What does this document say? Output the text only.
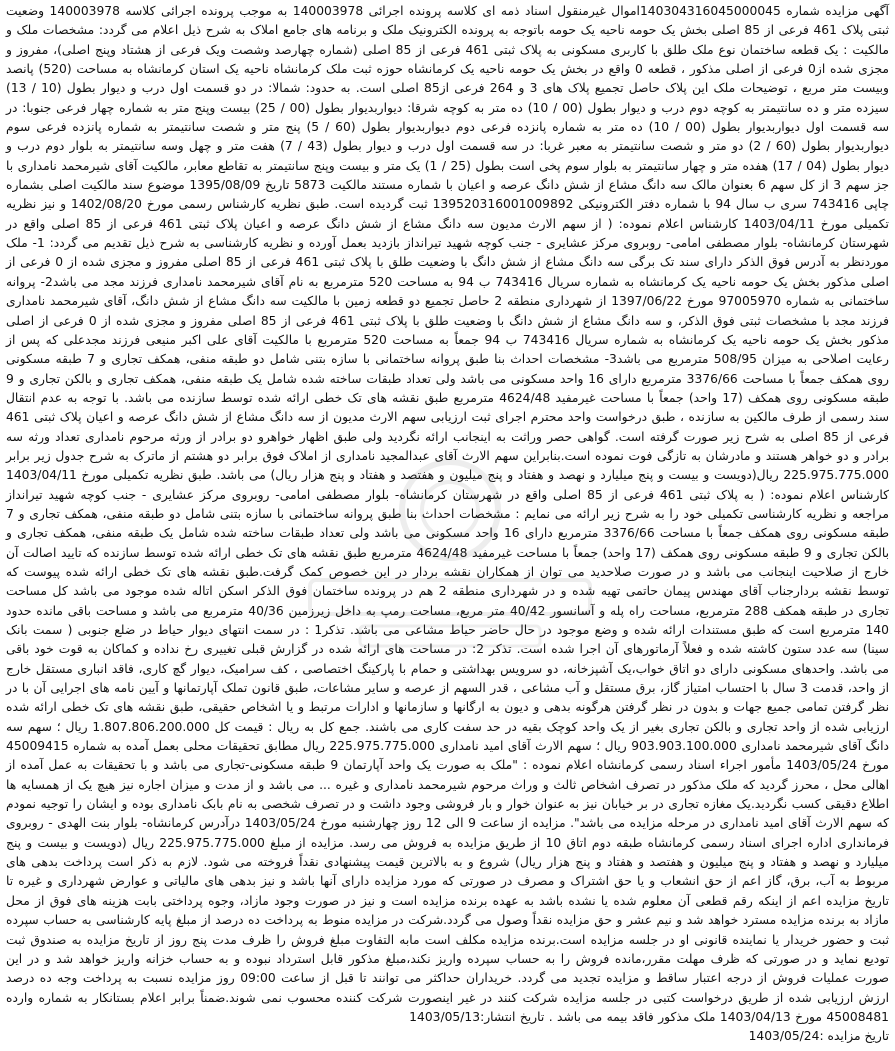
آگهی مزایده شماره 140304316045000045اموال غیرمنقول اسناد ذمه ای کلاسه پرونده اجرائی 140003978 به موجب پرونده اجرائی کلاسه 140003978 وضعیت ثبتی پلاک 461 فرعی از 85 اصلی بخش یک حومه ناحیه یک حومه باتوجه به پرونده الکترونیک ملک و برنامه های جامع املاک به شرح ذیل اعلام می گردد: مشخصات ملک و مالکیت : یک قطعه ساختمان نوع ملک طلق با کاربری مسکونی به پلاک ثبتی 461 فرعی از 85 اصلی (شماره چهارصد وشصت ویک فرعی از هشتاد وپنج اصلی)، مفروز و مجزی شده از0 فرعی از اصلی مذکور ، قطعه 0 واقع در بخش یک حومه ناحیه یک کرمانشاه حوزه ثبت ملک کرمانشاه ناحیه یک استان کرمانشاه به مساحت (520) پانصد وبیست متر مربع ، توضیحات ملک این پلاک حاصل تجمیع پلاک های 3 و 264 فرعی از85 اصلی است. به حدود: شمالا: در دو قسمت اول درب و دیوار بطول (10 / 13) سیزده متر و ده سانتیمتر به کوچه دوم درب و دیوار بطول (00 / 10) ده متر به کوچه شرقا: دیواربدیوار بطول (00 / 25) بیست وپنج متر به شماره چهار فرعی جنوبا: در سه قسمت اول دیواربدیوار بطول (00 / 10) ده متر به شماره پانزده فرعی دوم دیواربدیوار بطول (60 / 5) پنج متر و شصت سانتیمتر به شماره پانزده فرعی سوم دیواربدیوار بطول (60 / 2) دو متر و شصت سانتیمتر به معبر غربا: در سه قسمت اول درب و دیوار بطول (43 / 7) هفت متر و چهل وسه سانتیمتر به بلوار دوم درب و دیوار بطول (04 / 17) هفده متر و چهار سانتیمتر به بلوار سوم پخی است بطول (25 / 1) یک متر و بیست وپنج سانتیمتر به تقاطع معابر، مالکیت آقای شیرمحمد نامداری با جز سهم 3 از کل سهم 6 بعنوان مالک سه دانگ مشاع از شش دانگ عرصه و اعیان با شماره مستند مالکیت 5873 تاریخ 1395/08/09 موضوع سند مالکیت اصلی بشماره چاپی 743416 سری ب سال 94 با شماره دفتر الکترونیکی 139520316001009892 ثبت گردیده است. طبق نظریه کارشناس رسمی مورخ 1402/08/20 و نیز نظریه تکمیلی مورخ 1403/04/11 کارشناس اعلام نموده: ( از سهم الارث مدیون سه دانگ مشاع از شش دانگ عرصه و اعیان پلاک ثبتی 461 فرعی از 85 اصلی واقع در شهرستان کرمانشاه- بلوار مصطفی امامی- روبروی مرکز عشایری - جنب کوچه شهید تیرانداز بازدید بعمل آورده و نظریه کارشناسی به شرح ذیل تقدیم می گردد: 1- ملک موردنظر به آدرس فوق الذکر دارای سند تک برگی سه دانگ مشاع از شش دانگ با وضعیت طلق با پلاک ثبتی 461 فرعی از 85 اصلی مفروز و مجزی شده از 0 فرعی از اصلی مذکور بخش یک حومه ناحیه یک کرمانشاه به شماره سریال 743416 ب 94 به مساحت 520 مترمربع به نام آقای شیرمحمد نامداری فرزند مجد می باشد2- پروانه ساختمانی به شماره 97005970 مورخ 1397/06/22 از شهرداری منطقه 2 حاصل تجمیع دو قطعه زمین با مالکیت سه دانگ مشاع از شش دانگ، آقای شیرمحمد نامداری فرزند مجد با مشخصات ثبتی فوق الذکر، و سه دانگ مشاع از شش دانگ با وضعیت طلق با پلاک ثبتی 461 فرعی از 85 اصلی مفروز و مجزی شده از 0 فرعی از اصلی مذکور بخش یک حومه ناحیه یک کرمانشاه به شماره سریال 743416 ب 94 جمعاً به مساحت 520 مترمربع با مالکیت آقای علی اکبر منیعی فرزند مجدعلی که پس از رعایت اصلاحی به میزان 508/95 مترمربع می باشد3- مشخصات احداث بنا طبق پروانه ساختمانی با سازه بتنی شامل دو طبقه منفی، همکف تجاری و 7 طبقه مسکونی روی همکف جمعاً با مساحت 3376/66 مترمربع دارای 16 واحد مسکونی می باشد ولی تعداد طبقات ساخته شده شامل یک طبقه منفی، همکف تجاری و بالکن تجاری و 9 طبقه مسکونی روی همکف (17 واحد) جمعاً با مساحت غیرمفید 4624/48 مترمربع طبق نقشه های تک خطی ارائه شده توسط سازنده می باشد. با توجه به عدم انتقال سند رسمی از طرف مالکین به سازنده ، طبق درخواست واحد محترم اجرای ثبت ارزیابی سهم الارث مدیون از سه دانگ مشاع از شش دانگ عرصه و اعیان پلاک ثبتی 461 فرعی از 85 اصلی به شرح زیر صورت گرفته است. گواهی حصر وراثت به اینجانب ارائه نگردید ولی طبق اظهار خواهرو دو برادر از ورثه مرحوم نامداری تعداد ورثه سه برادر و دو خواهر هستند و مادرشان به تازگی فوت نموده است.بنابراین سهم الارث آقای عبدالمجید نامداری از املاک فوق برابر دو هشتم از ماترک به شرح جدول زیر برابر 225.975.775.000 ریال(دویست و بیست و پنج میلیارد و نهصد و هفتاد و پنج میلیون و هفتصد و هفتاد و پنج هزار ریال) می باشد. طبق نظریه تکمیلی مورخ 1403/04/11 کارشناس اعلام نموده: ( به پلاک ثبتی 461 فرعی از 85 اصلی واقع در شهرستان کرمانشاه- بلوار مصطفی امامی- روبروی مرکز عشایری - جنب کوچه شهید تیرانداز مراجعه و نظریه کارشناسی تکمیلی خود را به شرح زیر ارائه می نمایم : مشخصات احداث بنا طبق پروانه ساختمانی با سازه بتنی شامل دو طبقه منفی، همکف تجاری و 7 طبقه مسکونی روی همکف جمعاً با مساحت 3376/66 مترمربع دارای 16 واحد مسکونی می باشد ولی تعداد طبقات ساخته شده شامل یک طبقه منفی، همکف تجاری و بالکن تجاری و 9 طبقه مسکونی روی همکف (17 واحد) جمعاً با مساحت غیرمفید 4624/48 مترمربع طبق نقشه های تک خطی ارائه شده توسط سازنده که تایید اصالت آن خارج از صلاحیت اینجانب می باشد و در صورت صلاحدید می توان از همکاران نقشه بردار در این خصوص کمک گرفت.طبق نقشه های تک خطی ارائه شده پیوست که توسط نقشه بردارجناب آقای مهندس پیمان حاتمی تهیه شده و در شهرداری منطقه 2 هم در پرونده ساختمان فوق الذکر اسکن اتاله شده موجود می باشد کل مساحت تجاری در طبقه همکف 288 مترمربع، مساحت راه پله و آسانسور 40/42 متر مربع، مساحت رمپ به داخل زیرزمین 40/36 مترمربع می باشد و مساحت باقی مانده حدود 140 مترمربع است که طبق مستندات ارائه شده و وضع موجود در حال حاضر حیاط مشاعی می باشد. تذکر1 : در سمت انتهای دیوار حیاط در ضلع جنوبی ( سمت بانک سینا) سه عدد ستون کاشته شده و فعلاً آرماتورهای آن اجرا شده است. تذکر 2: در مساحت های ارائه شده در گزارش قبلی تغییری رخ نداده و کماکان به قوت خود باقی می باشد. واحدهای مسکونی دارای دو اتاق خواب،یک آشپزخانه، دو سرویس بهداشتی و حمام با پارکینگ اختصاصی ، کف سرامیک، دیوار گچ کاری، فاقد انباری مستقل خارج از واحد، قدمت 3 سال با احتساب امتیاز گاز، برق مستقل و آب مشاعی ، قدر السهم از عرصه و سایر مشاعات، طبق قانون تملک آپارتمانها و آیین نامه های اجرایی آن با در نظر گرفتن تمامی جمیع جهات و بدون در نظر گرفتن هرگونه بدهی و دیون به ارگانها و سازمانها و ادارات مرتبط و یا اشخاص حقیقی، طبق نقشه های تک خطی ارائه شده ارزیابی شده از واحد تجاری و بالکن تجاری بغیر از یک واحد کوچک بقیه در حد سفت کاری می باشند. جمع کل به ریال : قیمت کل 1.807.806.200.000 ریال ؛ سهم سه دانگ آقای شیرمحمد نامداری 903.903.100.000 ریال ؛ سهم الارث آقای امید نامداری 225.975.775.000 ریال مطابق تحقیقات محلی بعمل آمده به شماره 45009415 مورخ 1403/05/24 مأمور اجراء اسناد رسمی کرمانشاه اعلام نموده : "ملک به صورت یک واحد آپارتمان 9 طبقه مسکونی-تجاری می باشد و با تحقیقات به عمل آمده از اهالی محل ، محرز گردید که ملک مذکور در تصرف اشخاص ثالث و وراث مرحوم شیرمحمد نامداری و غیره ... می باشد و از مدت و میزان اجاره نیز هیچ یک از همسایه ها اطلاع دقیقی کسب نگردید.یک مغازه تجاری در بر خیابان نیز به عنوان خوار و بار فروشی وجود داشت و در تصرف شخصی به نام بابک نامداری بوده و ایشان را توجیه نمودم که سهم الارث آقای امید نامداری در مرحله مزایده می باشد". مزایده از ساعت 9 الی 12 روز چهارشنبه مورخ 1403/05/24 درآدرس کرمانشاه- بلوار بنت الهدی - روبروی فرمانداری اداره اجرای اسناد رسمی کرمانشاه طبقه دوم اتاق 10 از طریق مزایده به فروش می رسد. مزایده از مبلغ 225.975.775.000 ریال (دویست و بیست و پنج میلیارد و نهصد و هفتاد و پنج میلیون و هفتصد و هفتاد و پنج هزار ریال) شروع و به بالاترین قیمت پیشنهادی نقداً فروخته می شود. لازم به ذکر است پرداخت بدهی های مربوط به آب، برق، گاز اعم از حق انشعاب و یا حق اشتراک و مصرف در صورتی که مورد مزایده دارای آنها باشد و نیز بدهی های مالیاتی و عوارض شهرداری و غیره تا تاریخ مزایده اعم از اینکه رقم قطعی آن معلوم شده یا نشده باشد به عهده برنده مزایده است و نیز در صورت وجود مازاد، وجوه پرداختی بابت هزینه های فوق از محل مازاد به برنده مزایده مسترد خواهد شد و نیم عشر و حق مزایده نقداً وصول می گردد.شرکت در مزایده منوط به پرداخت ده درصد از مبلغ پایه کارشناسی به حساب سپرده ثبت و حضور خریدار یا نماینده قانونی او در جلسه مزایده است.برنده مزایده مکلف است مابه التفاوت مبلغ فروش را ظرف مدت پنج روز از تاریخ مزایده به صندوق ثبت تودیع نماید و در صورتی که ظرف مهلت مقرر،مانده فروش را به حساب سپرده واریز نکند،مبلغ مذکور قابل استرداد نبوده و به حساب خزانه واریز خواهد شد و در این صورت عملیات فروش از درجه اعتبار ساقط و مزایده تجدید می گردد. خریداران حداکثر می توانند تا قبل از ساعت 09:00 روز مزایده نسبت به پرداخت وجه ده درصد ارزش ارزیابی شده از طریق درخواست کتبی در جلسه مزایده شرکت کنند در غیر اینصورت شرکت کننده محسوب نمی شوند.ضمناً برابر اعلام بستانکار به شماره وارده 45008481 مورخ 1403/04/13 ملک مذکور فاقد بیمه می باشد . تاریخ انتشار:1403/05/13

تاریخ مزایده :1403/05/24
